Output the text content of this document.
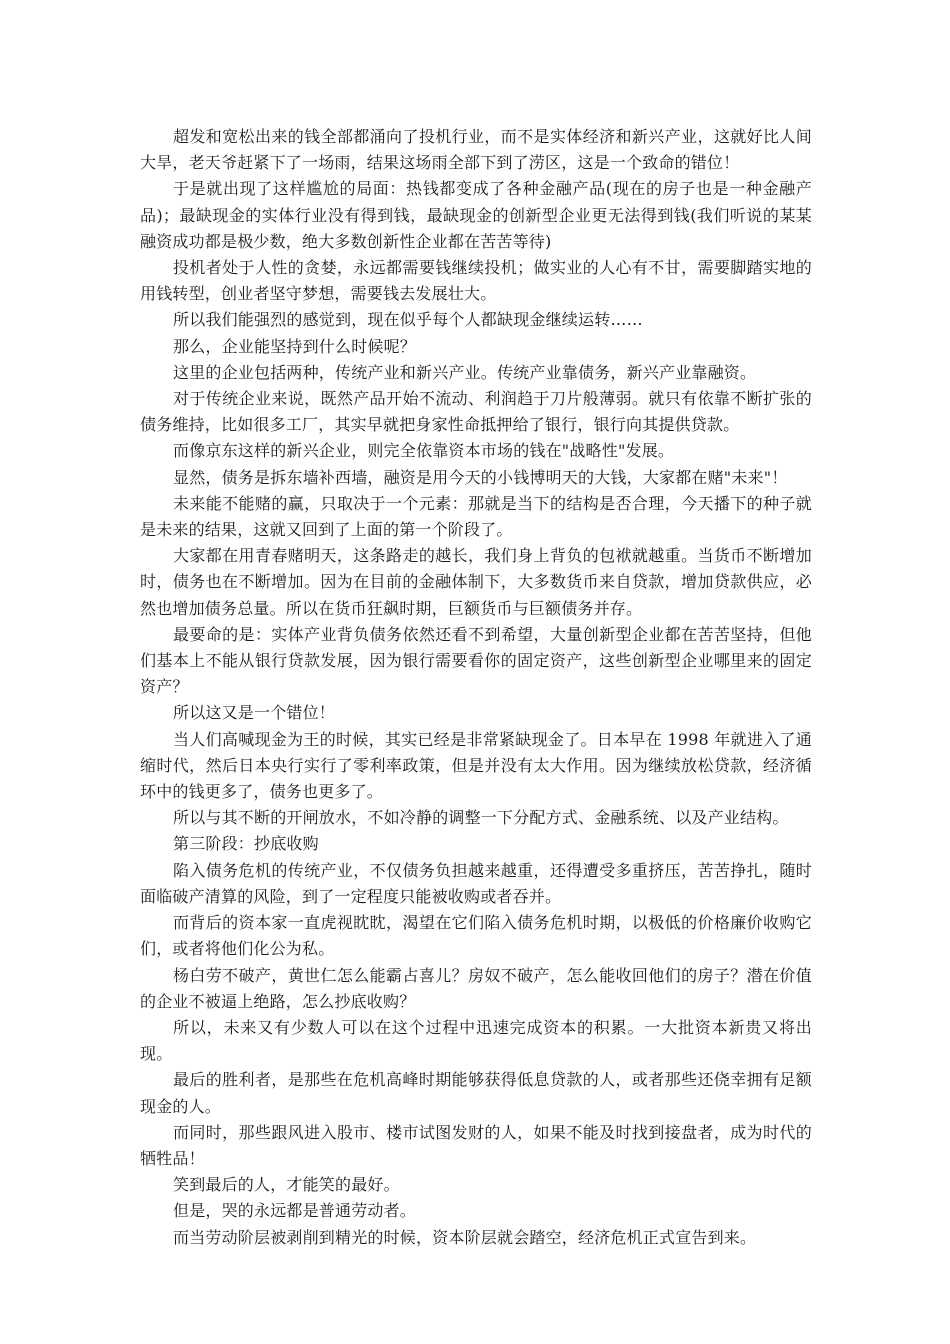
超发和宽松出来的钱全部都涌向了投机行业，而不是实体经济和新兴产业，这就好比人间大旱，老天爷赶紧下了一场雨，结果这场雨全部下到了涝区，这是一个致命的错位！

于是就出现了这样尴尬的局面：热钱都变成了各种金融产品(现在的房子也是一种金融产品)；最缺现金的实体行业没有得到钱，最缺现金的创新型企业更无法得到钱(我们听说的某某融资成功都是极少数，绝大多数创新性企业都在苦苦等待)

投机者处于人性的贪婪，永远都需要钱继续投机；做实业的人心有不甘，需要脚踏实地的用钱转型，创业者坚守梦想，需要钱去发展壮大。

所以我们能强烈的感觉到，现在似乎每个人都缺现金继续运转……

那么，企业能坚持到什么时候呢？

这里的企业包括两种，传统产业和新兴产业。传统产业靠债务，新兴产业靠融资。

对于传统企业来说，既然产品开始不流动、利润趋于刀片般薄弱。就只有依靠不断扩张的债务维持，比如很多工厂，其实早就把身家性命抵押给了银行，银行向其提供贷款。

而像京东这样的新兴企业，则完全依靠资本市场的钱在"战略性"发展。

显然，债务是拆东墙补西墙，融资是用今天的小钱博明天的大钱，大家都在赌"未来"！

未来能不能赌的赢，只取决于一个元素：那就是当下的结构是否合理，今天播下的种子就是未来的结果，这就又回到了上面的第一个阶段了。

大家都在用青春赌明天，这条路走的越长，我们身上背负的包袱就越重。当货币不断增加时，债务也在不断增加。因为在目前的金融体制下，大多数货币来自贷款，增加贷款供应，必然也增加债务总量。所以在货币狂飙时期，巨额货币与巨额债务并存。

最要命的是：实体产业背负债务依然还看不到希望，大量创新型企业都在苦苦坚持，但他们基本上不能从银行贷款发展，因为银行需要看你的固定资产，这些创新型企业哪里来的固定资产？

所以这又是一个错位！

当人们高喊现金为王的时候，其实已经是非常紧缺现金了。日本早在 1998 年就进入了通缩时代，然后日本央行实行了零利率政策，但是并没有太大作用。因为继续放松贷款，经济循环中的钱更多了，债务也更多了。

所以与其不断的开闸放水，不如冷静的调整一下分配方式、金融系统、以及产业结构。

第三阶段：抄底收购

陷入债务危机的传统产业，不仅债务负担越来越重，还得遭受多重挤压，苦苦挣扎，随时面临破产清算的风险，到了一定程度只能被收购或者吞并。

而背后的资本家一直虎视眈眈，渴望在它们陷入债务危机时期，以极低的价格廉价收购它们，或者将他们化公为私。

杨白劳不破产，黄世仁怎么能霸占喜儿？房奴不破产，怎么能收回他们的房子？潜在价值的企业不被逼上绝路，怎么抄底收购？

所以，未来又有少数人可以在这个过程中迅速完成资本的积累。一大批资本新贵又将出现。

最后的胜利者，是那些在危机高峰时期能够获得低息贷款的人，或者那些还侥幸拥有足额现金的人。

而同时，那些跟风进入股市、楼市试图发财的人，如果不能及时找到接盘者，成为时代的牺牲品！

笑到最后的人，才能笑的最好。

但是，哭的永远都是普通劳动者。

而当劳动阶层被剥削到精光的时候，资本阶层就会踏空，经济危机正式宣告到来。
